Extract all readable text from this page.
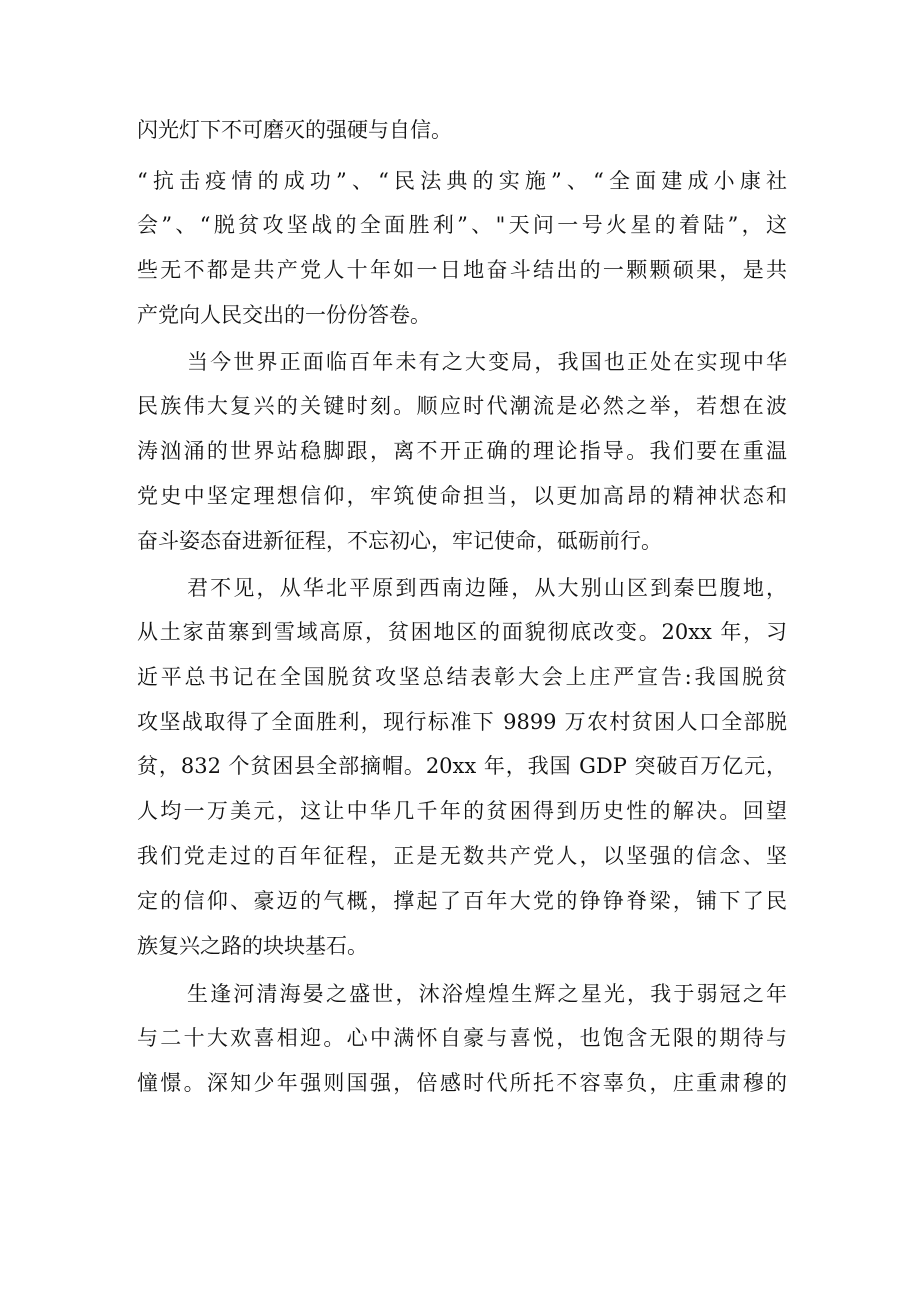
闪光灯下不可磨灭的强硬与自信。
“抗击疫情的成功”、“民法典的实施”、“全面建成小康社
会”、“脱贫攻坚战的全面胜利”、"天问一号火星的着陆”，这
些无不都是共产党人十年如一日地奋斗结出的一颗颗硕果，是共
产党向人民交出的一份份答卷。
当今世界正面临百年未有之大变局，我国也正处在实现中华
民族伟大复兴的关键时刻。顺应时代潮流是必然之举，若想在波
涛汹涌的世界站稳脚跟，离不开正确的理论指导。我们要在重温
党史中坚定理想信仰，牢筑使命担当，以更加高昂的精神状态和
奋斗姿态奋进新征程，不忘初心，牢记使命，砥砺前行。
君不见，从华北平原到西南边陲，从大别山区到秦巴腹地，
从土家苗寨到雪域高原，贫困地区的面貌彻底改变。20xx 年，习
近平总书记在全国脱贫攻坚总结表彰大会上庄严宣告:我国脱贫
攻坚战取得了全面胜利，现行标准下 9899 万农村贫困人口全部脱
贫，832 个贫困县全部摘帽。20xx 年，我国 GDP 突破百万亿元，
人均一万美元，这让中华几千年的贫困得到历史性的解决。回望
我们党走过的百年征程，正是无数共产党人，以坚强的信念、坚
定的信仰、豪迈的气概，撑起了百年大党的铮铮脊梁，铺下了民
族复兴之路的块块基石。
生逢河清海晏之盛世，沐浴煌煌生辉之星光，我于弱冠之年
与二十大欢喜相迎。心中满怀自豪与喜悦，也饱含无限的期待与
憧憬。深知少年强则国强，倍感时代所托不容辜负，庄重肃穆的
